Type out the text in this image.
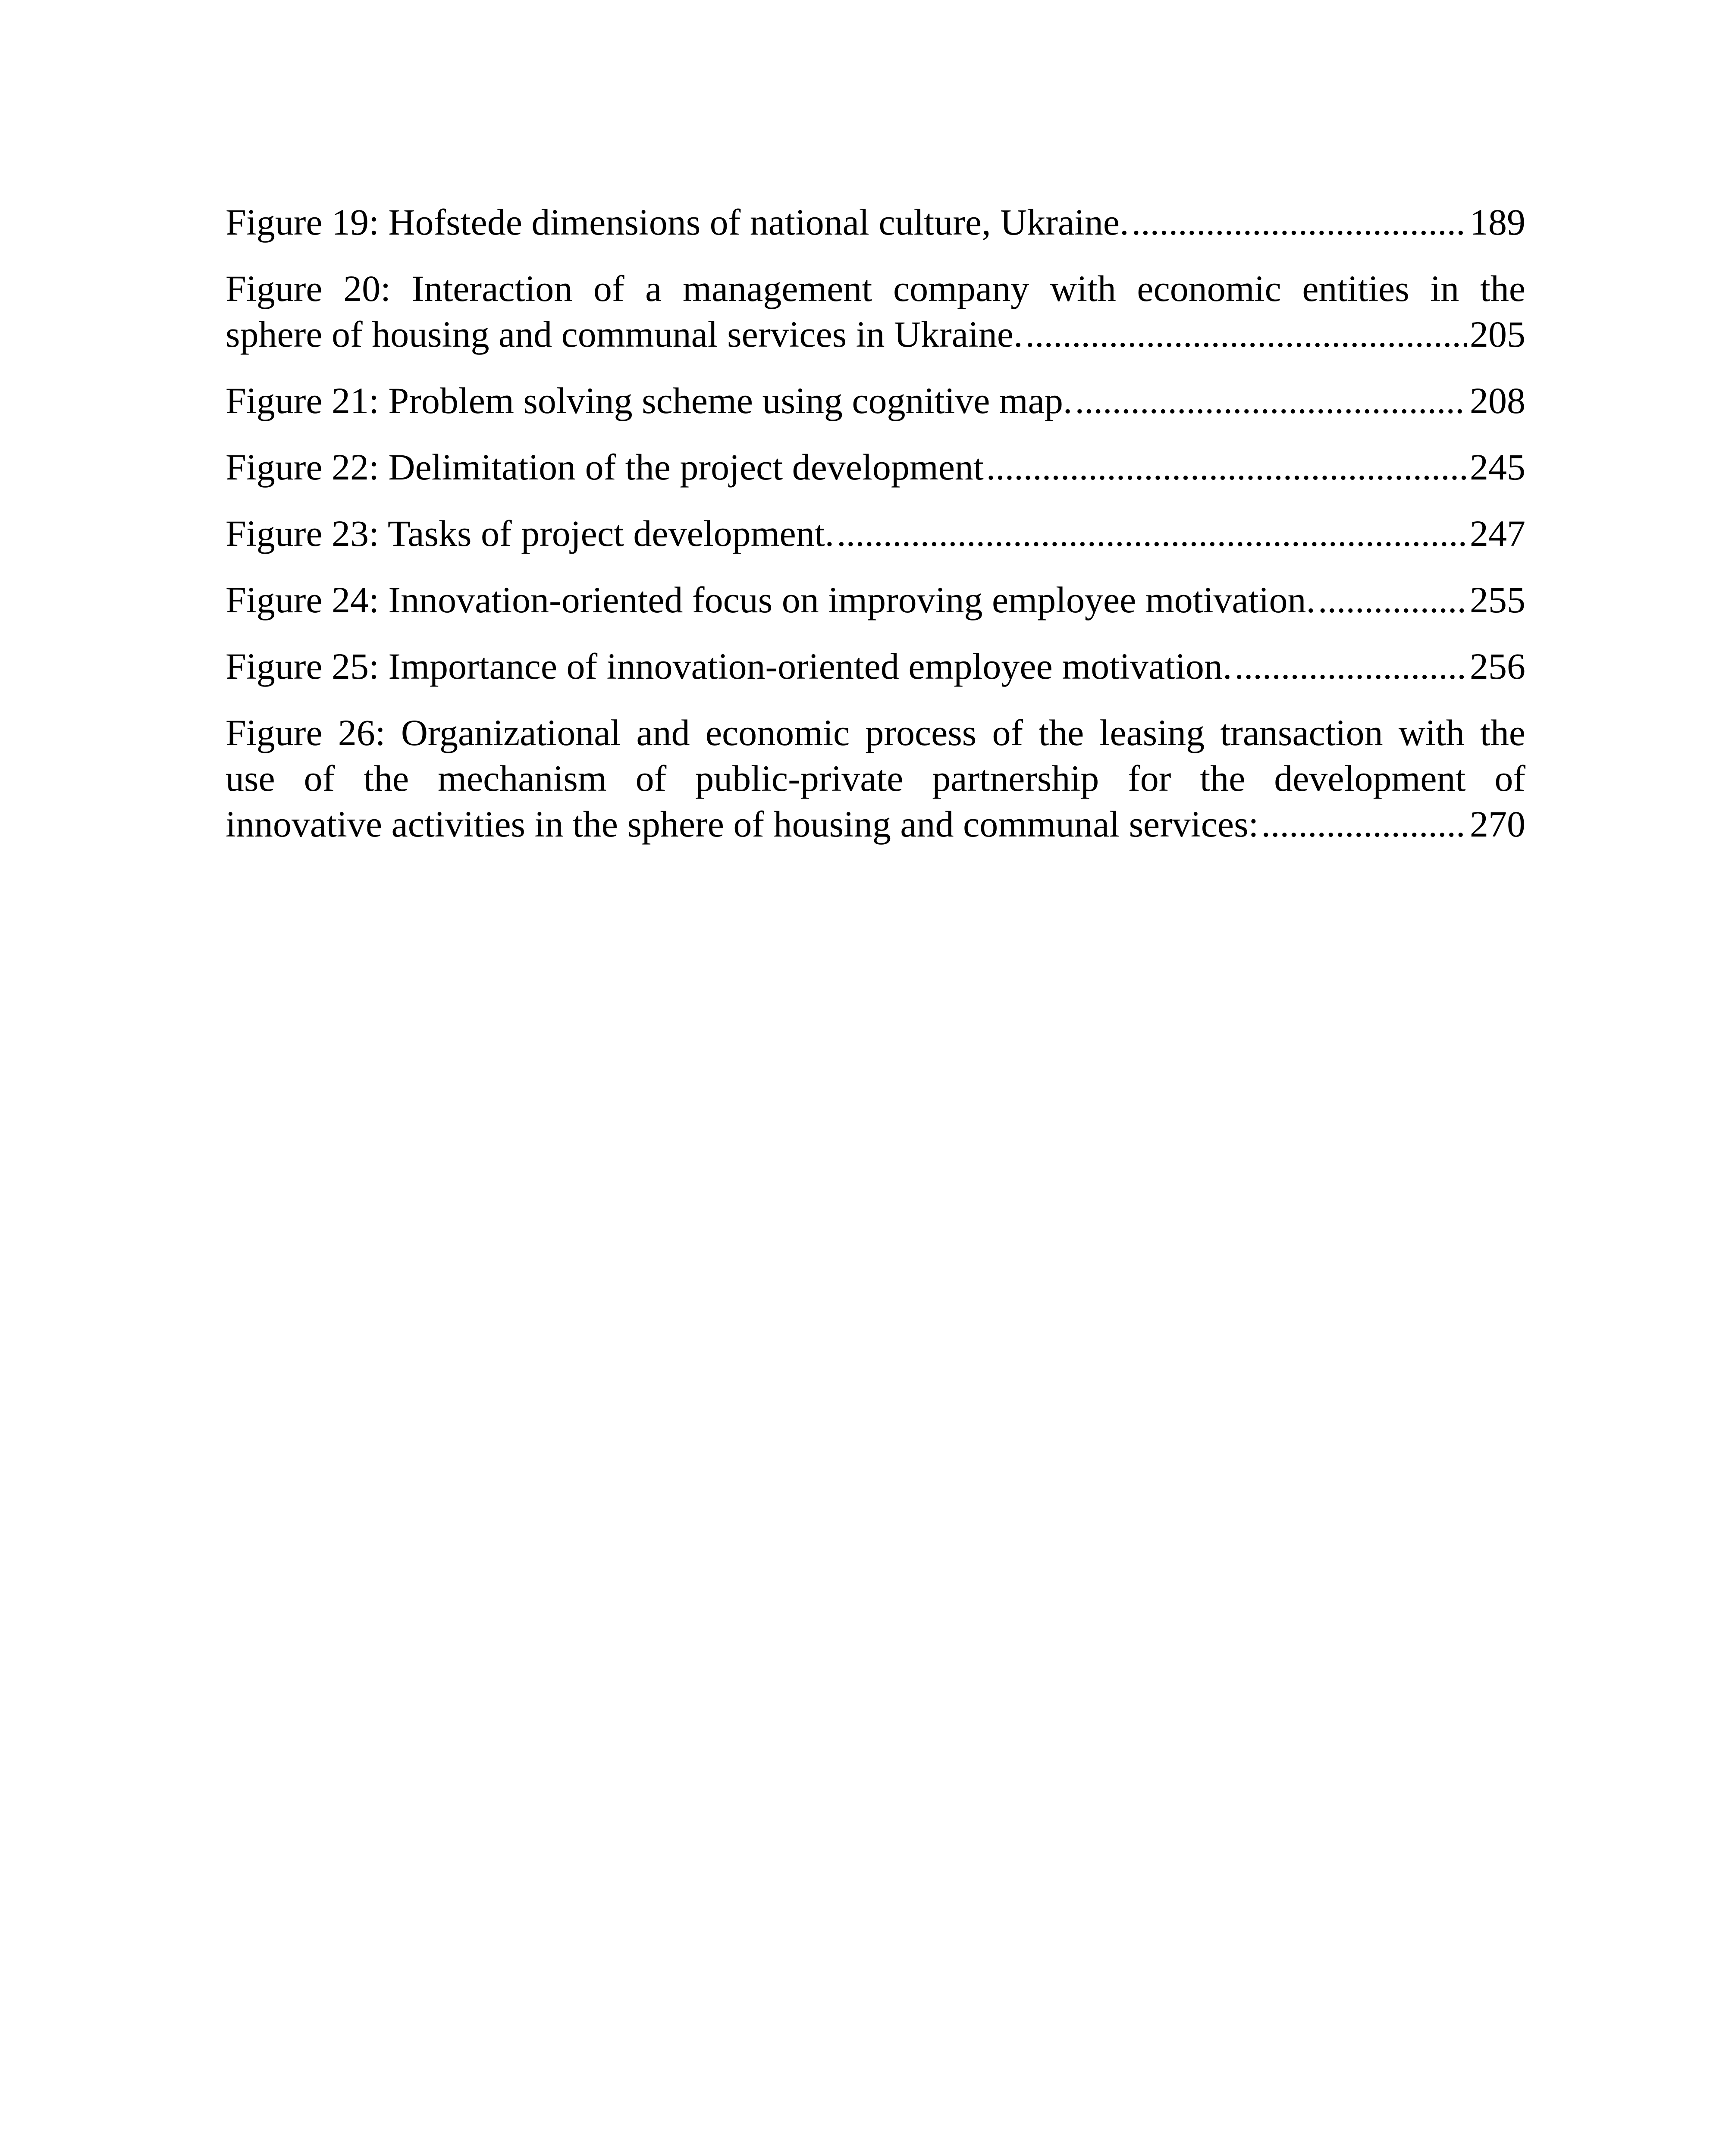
Figure 19: Hofstede dimensions of national culture, Ukraine. .....	189
Figure 20: Interaction of a management company with economic entities in the
sphere of housing and communal services in Ukraine. .....	205
Figure 21: Problem solving scheme using cognitive map. .....	208
Figure 22: Delimitation of the project development .....	245
Figure 23: Tasks of project development. .....	247
Figure 24: Innovation-oriented focus on improving employee motivation. .....	255
Figure 25: Importance of innovation-oriented employee motivation. .....	256
Figure 26: Organizational and economic process of the leasing transaction with the
use of the mechanism of public-private partnership for the development of
innovative activities in the sphere of housing and communal services: .....	270
